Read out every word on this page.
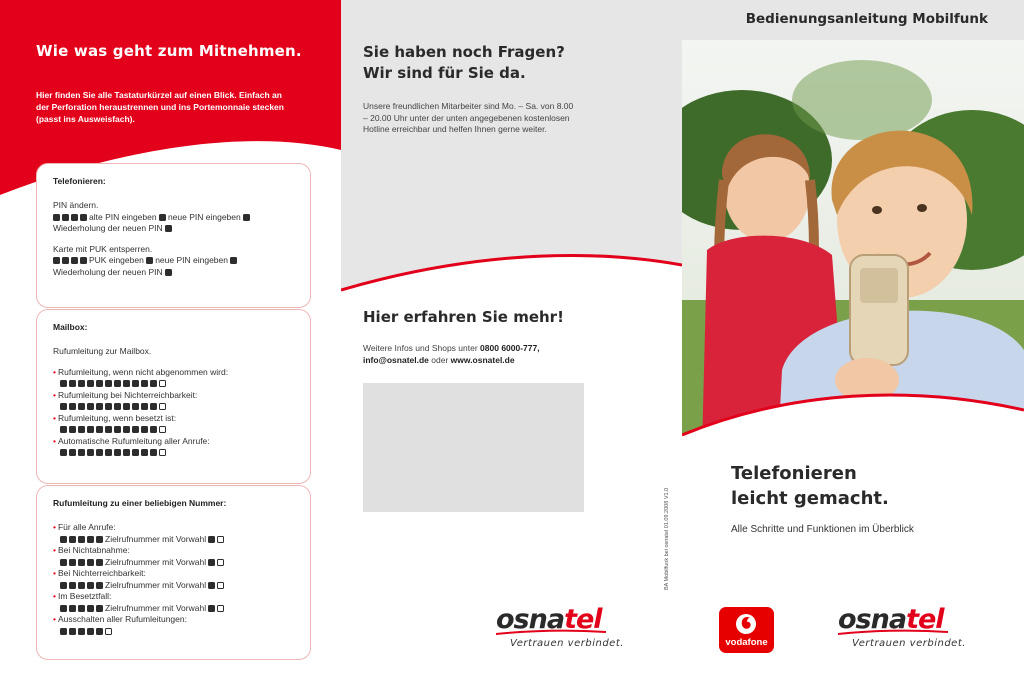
Wie was geht zum Mitnehmen.

Hier finden Sie alle Tastaturkürzel auf einen Blick. Einfach an der Perforation heraustrennen und ins Portemonnaie stecken (passt ins Ausweisfach).

Telefonieren:

PIN ändern.

alte PIN eingeben neue PIN eingeben

Wiederholung der neuen PIN

Karte mit PUK entsperren.

PUK eingeben neue PIN eingeben

Wiederholung der neuen PIN

Mailbox:

Rufumleitung zur Mailbox.

• Rufumleitung, wenn nicht abgenommen wird:
• Rufumleitung bei Nichterreichbarkeit:
• Rufumleitung, wenn besetzt ist:
• Automatische Rufumleitung aller Anrufe:
Rufumleitung zu einer beliebigen Nummer:
• Für alle Anrufe:
Zielrufnummer mit Vorwahl
• Bei Nichtabnahme:
Zielrufnummer mit Vorwahl
• Bei Nichterreichbarkeit:
Zielrufnummer mit Vorwahl
• Im Besetztfall:
Zielrufnummer mit Vorwahl
• Ausschalten aller Rufumleitungen:
Sie haben noch Fragen?
Wir sind für Sie da.

Unsere freundlichen Mitarbeiter sind Mo. – Sa. von 8.00 – 20.00 Uhr unter der unten angegebenen kostenlosen Hotline erreichbar und helfen Ihnen gerne weiter.

Hier erfahren Sie mehr!

Weitere Infos und Shops unter 0800 6000-777,
info@osnatel.de oder www.osnatel.de

BA Mobilfunk bei osnatel 01.09.2008 V1.0
osnatel
Vertrauen verbindet.
Bedienungsanleitung Mobilfunk
Telefonieren
leicht gemacht.

Alle Schritte und Funktionen im Überblick

vodafone
osnatel
Vertrauen verbindet.
